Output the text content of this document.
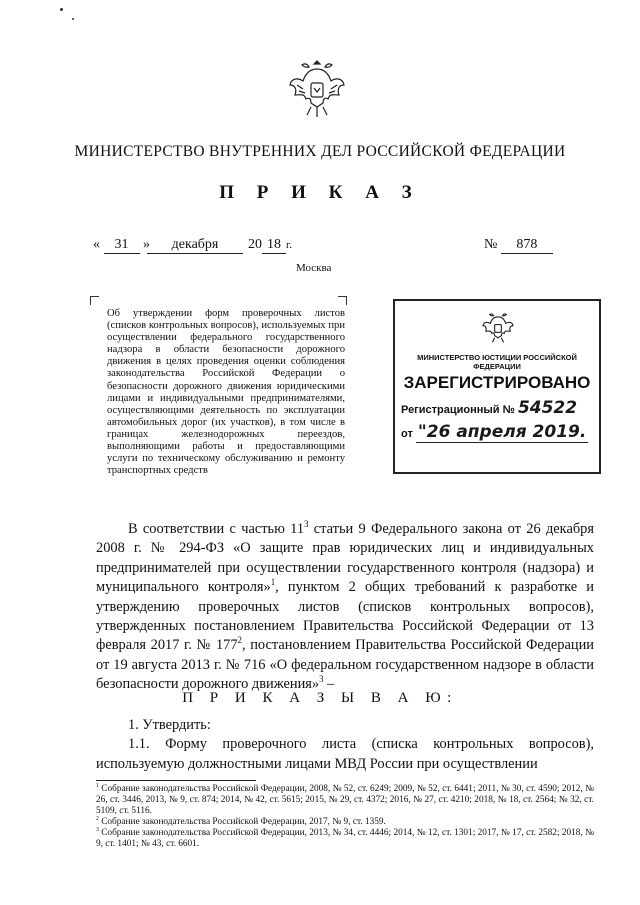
МИНИСТЕРСТВО ВНУТРЕННИХ ДЕЛ РОССИЙСКОЙ ФЕДЕРАЦИИ
П Р И К А З
« 31 »	декабря	20 18 г.	№ 878
Москва
Об утверждении форм проверочных листов (списков контрольных вопросов), используемых при осуществлении федерального государственного надзора в области безопасности дорожного движения в целях проведения оценки соблюдения законодательства Российской Федерации о безопасности дорожного движения юридическими лицами и индивидуальными предпринимателями, осуществляющими деятельность по эксплуатации автомобильных дорог (их участков), в том числе в границах железнодорожных переездов, выполняющими работы и предоставляющими услуги по техническому обслуживанию и ремонту транспортных средств
МИНИСТЕРСТВО ЮСТИЦИИ РОССИЙСКОЙ ФЕДЕРАЦИИ
ЗАРЕГИСТРИРОВАНО
Регистрационный № 54522
от "26 апреля 2019.

В соответствии с частью $11^3$ статьи 9 Федерального закона от 26 декабря 2008 г. № 294-ФЗ «О защите прав юридических лиц и индивидуальных предпринимателей при осуществлении государственного контроля (надзора) и муниципального контроля»$^1$, пунктом 2 общих требований к разработке и утверждению проверочных листов (списков контрольных вопросов), утвержденных постановлением Правительства Российской Федерации от 13 февраля 2017 г. № $177^2$, постановлением Правительства Российской Федерации от 19 августа 2013 г. № 716 «О федеральном государственном надзоре в области безопасности дорожного движения»$^3$ –

П Р И К А З Ы В А Ю:

1. Утвердить:

1.1. Форму проверочного листа (списка контрольных вопросов), используемую должностными лицами МВД России при осуществлении

$^1$ Собрание законодательства Российской Федерации, 2008, № 52, ст. 6249; 2009, № 52, ст. 6441; 2011, № 30, ст. 4590; 2012, № 26, ст. 3446, 2013, № 9, ст. 874; 2014, № 42, ст. 5615; 2015, № 29, ст. 4372; 2016, № 27, ст. 4210; 2018, № 18, ст. 2564; № 32, ст. 5109, ст. 5116.

$^2$ Собрание законодательства Российской Федерации, 2017, № 9, ст. 1359.

$^3$ Собрание законодательства Российской Федерации, 2013, № 34, ст. 4446; 2014, № 12, ст. 1301; 2017, № 17, ст. 2582; 2018, № 9, ст. 1401; № 43, ст. 6601.
